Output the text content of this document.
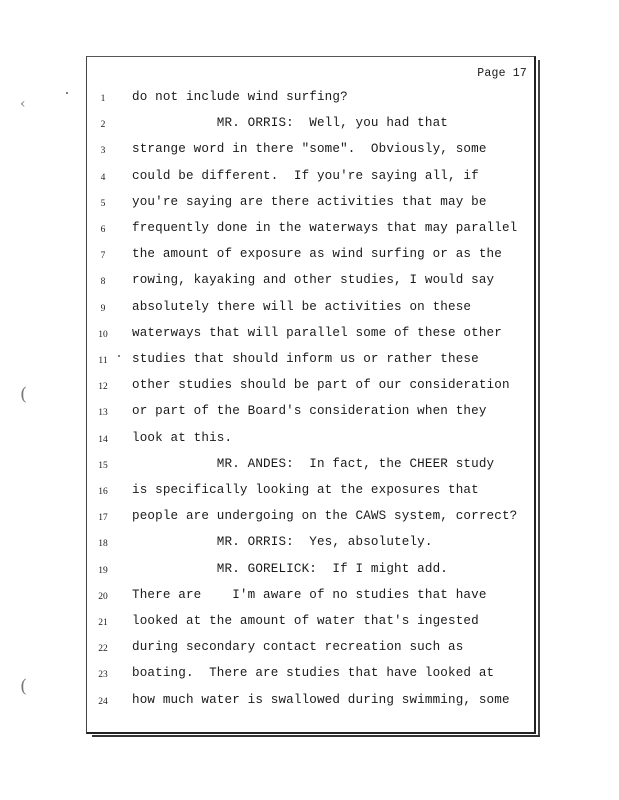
‹
(
(
Page 17
1	do not include wind surfing?
2	MR. ORRIS:  Well, you had that
3	strange word in there "some".  Obviously, some
4	could be different.  If you're saying all, if
5	you're saying are there activities that may be
6	frequently done in the waterways that may parallel
7	the amount of exposure as wind surfing or as the
8	rowing, kayaking and other studies, I would say
9	absolutely there will be activities on these
10	waterways that will parallel some of these other
11	studies that should inform us or rather these
12	other studies should be part of our consideration
13	or part of the Board's consideration when they
14	look at this.
15	MR. ANDES:  In fact, the CHEER study
16	is specifically looking at the exposures that
17	people are undergoing on the CAWS system, correct?
18	MR. ORRIS:  Yes, absolutely.
19	MR. GORELICK:  If I might add.
20	There are    I'm aware of no studies that have
21	looked at the amount of water that's ingested
22	during secondary contact recreation such as
23	boating.  There are studies that have looked at
24	how much water is swallowed during swimming, some
